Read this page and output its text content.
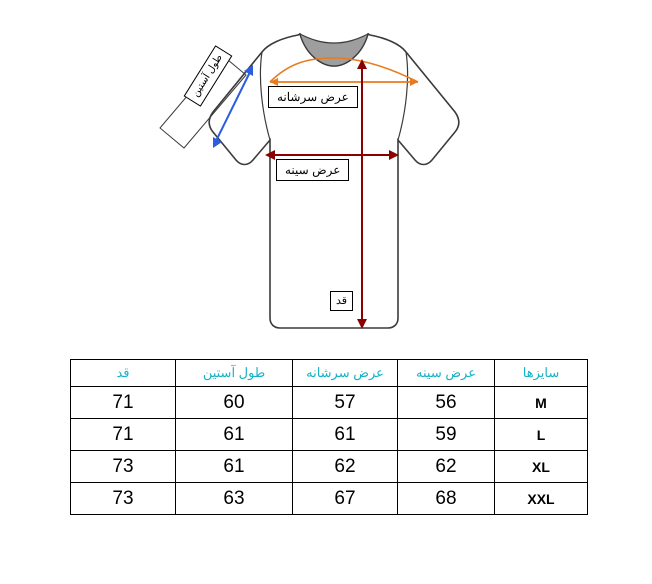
عرض سرشانه
عرض سینه
قد
طول آستین
قد	طول آستین	عرض سرشانه	عرض سینه	سایزها
71	60	57	56	M
71	61	61	59	L
73	61	62	62	XL
73	63	67	68	XXL
